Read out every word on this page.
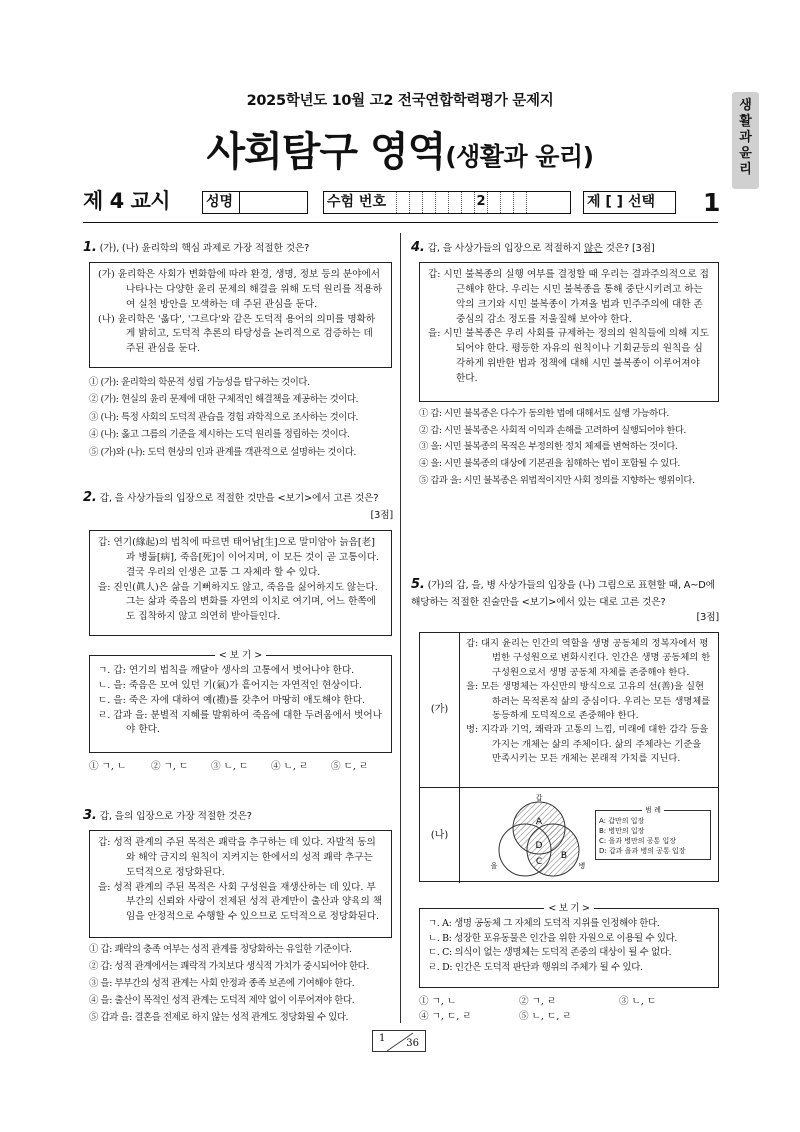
2025학년도 10월 고2 전국연합학력평가 문제지
사회탐구 영역(생활과 윤리)
생활과 윤리
제 4 교시	성명	수험 번호	2	제 [ ] 선택 1
1. (가), (나) 윤리학의 핵심 과제로 가장 적절한 것은?

(가) 윤리학은 사회가 변화함에 따라 환경, 생명, 정보 등의 분야에서 나타나는 다양한 윤리 문제의 해결을 위해 도덕 원리를 적용하여 실천 방안을 모색하는 데 주된 관심을 둔다.

(나) 윤리학은 '옳다', '그르다'와 같은 도덕적 용어의 의미를 명확하게 밝히고, 도덕적 추론의 타당성을 논리적으로 검증하는 데 주된 관심을 둔다.

① (가): 윤리학의 학문적 성립 가능성을 탐구하는 것이다.

② (가): 현실의 윤리 문제에 대한 구체적인 해결책을 제공하는 것이다.

③ (나): 특정 사회의 도덕적 관습을 경험 과학적으로 조사하는 것이다.

④ (나): 옳고 그름의 기준을 제시하는 도덕 원리를 정립하는 것이다.

⑤ (가)와 (나): 도덕 현상의 인과 관계를 객관적으로 설명하는 것이다.

2. 갑, 을 사상가들의 입장으로 적절한 것만을 <보기>에서 고른 것은?
[3점]

갑: 연기(緣起)의 법칙에 따르면 태어남[生]으로 말미암아 늙음[老]과 병듦[病], 죽음[死]이 이어지며, 이 모든 것이 곧 고통이다. 결국 우리의 인생은 고통 그 자체라 할 수 있다.

을: 진인(眞人)은 삶을 기뻐하지도 않고, 죽음을 싫어하지도 않는다. 그는 삶과 죽음의 변화를 자연의 이치로 여기며, 어느 한쪽에도 집착하지 않고 의연히 받아들인다.

< 보 기 >

ㄱ. 갑: 연기의 법칙을 깨달아 생사의 고통에서 벗어나야 한다.

ㄴ. 을: 죽음은 모여 있던 기(氣)가 흩어지는 자연적인 현상이다.

ㄷ. 을: 죽은 자에 대하여 예(禮)를 갖추어 마땅히 애도해야 한다.

ㄹ. 갑과 을: 분별적 지혜를 발휘하여 죽음에 대한 두려움에서 벗어나야 한다.

① ㄱ, ㄴ	② ㄱ, ㄷ	③ ㄴ, ㄷ	④ ㄴ, ㄹ	⑤ ㄷ, ㄹ
3. 갑, 을의 입장으로 가장 적절한 것은?

갑: 성적 관계의 주된 목적은 쾌락을 추구하는 데 있다. 자발적 동의와 해악 금지의 원칙이 지켜지는 한에서의 성적 쾌락 추구는 도덕적으로 정당화된다.

을: 성적 관계의 주된 목적은 사회 구성원을 재생산하는 데 있다. 부부간의 신뢰와 사랑이 전제된 성적 관계만이 출산과 양육의 책임을 안정적으로 수행할 수 있으므로 도덕적으로 정당화된다.

① 갑: 쾌락의 충족 여부는 성적 관계를 정당화하는 유일한 기준이다.

② 갑: 성적 관계에서는 쾌락적 가치보다 생식적 가치가 중시되어야 한다.

③ 을: 부부간의 성적 관계는 사회 안정과 종족 보존에 기여해야 한다.

④ 을: 출산이 목적인 성적 관계는 도덕적 제약 없이 이루어져야 한다.

⑤ 갑과 을: 결혼을 전제로 하지 않는 성적 관계도 정당화될 수 있다.

4. 갑, 을 사상가들의 입장으로 적절하지 않은 것은? [3점]

갑: 시민 불복종의 실행 여부를 결정할 때 우리는 결과주의적으로 접근해야 한다. 우리는 시민 불복종을 통해 중단시키려고 하는 악의 크기와 시민 불복종이 가져올 법과 민주주의에 대한 존중심의 감소 정도를 저울질해 보아야 한다.

을: 시민 불복종은 우리 사회를 규제하는 정의의 원칙들에 의해 지도되어야 한다. 평등한 자유의 원칙이나 기회균등의 원칙을 심각하게 위반한 법과 정책에 대해 시민 불복종이 이루어져야 한다.

① 갑: 시민 불복종은 다수가 동의한 법에 대해서도 실행 가능하다.

② 갑: 시민 불복종은 사회적 이익과 손해를 고려하여 실행되어야 한다.

③ 을: 시민 불복종의 목적은 부정의한 정치 체제를 변혁하는 것이다.

④ 을: 시민 불복종의 대상에 기본권을 침해하는 법이 포함될 수 있다.

⑤ 갑과 을: 시민 불복종은 위법적이지만 사회 정의를 지향하는 행위이다.

5. (가)의 갑, 을, 병 사상가들의 입장을 (나) 그림으로 표현할 때, A~D에 해당하는 적절한 진술만을 <보기>에서 있는 대로 고른 것은?
[3점]
(가)

갑: 대지 윤리는 인간의 역할을 생명 공동체의 정복자에서 평범한 구성원으로 변화시킨다. 인간은 생명 공동체의 한 구성원으로서 생명 공동체 자체를 존중해야 한다.

을: 모든 생명체는 자신만의 방식으로 고유의 선(善)을 실현하려는 목적론적 삶의 중심이다. 우리는 모든 생명체를 동등하게 도덕적으로 존중해야 한다.

병: 지각과 기억, 쾌락과 고통의 느낌, 미래에 대한 감각 등을 가지는 개체는 삶의 주체이다. 삶의 주체라는 기준을 만족시키는 모든 개체는 본래적 가치를 지닌다.

(나)
갑
을	병
A
B
C
D
범 례
A: 갑만의 입장
B: 병만의 입장
C: 을과 병만의 공통 입장
D: 갑과 을과 병의 공통 입장
< 보 기 >

ㄱ. A: 생명 공동체 그 자체의 도덕적 지위를 인정해야 한다.

ㄴ. B: 성장한 포유동물은 인간을 위한 자원으로 이용될 수 있다.

ㄷ. C: 의식이 없는 생명체는 도덕적 존중의 대상이 될 수 없다.

ㄹ. D: 인간은 도덕적 판단과 행위의 주체가 될 수 있다.

① ㄱ, ㄴ	② ㄱ, ㄹ	③ ㄴ, ㄷ
④ ㄱ, ㄷ, ㄹ	⑤ ㄴ, ㄷ, ㄹ
1 36
